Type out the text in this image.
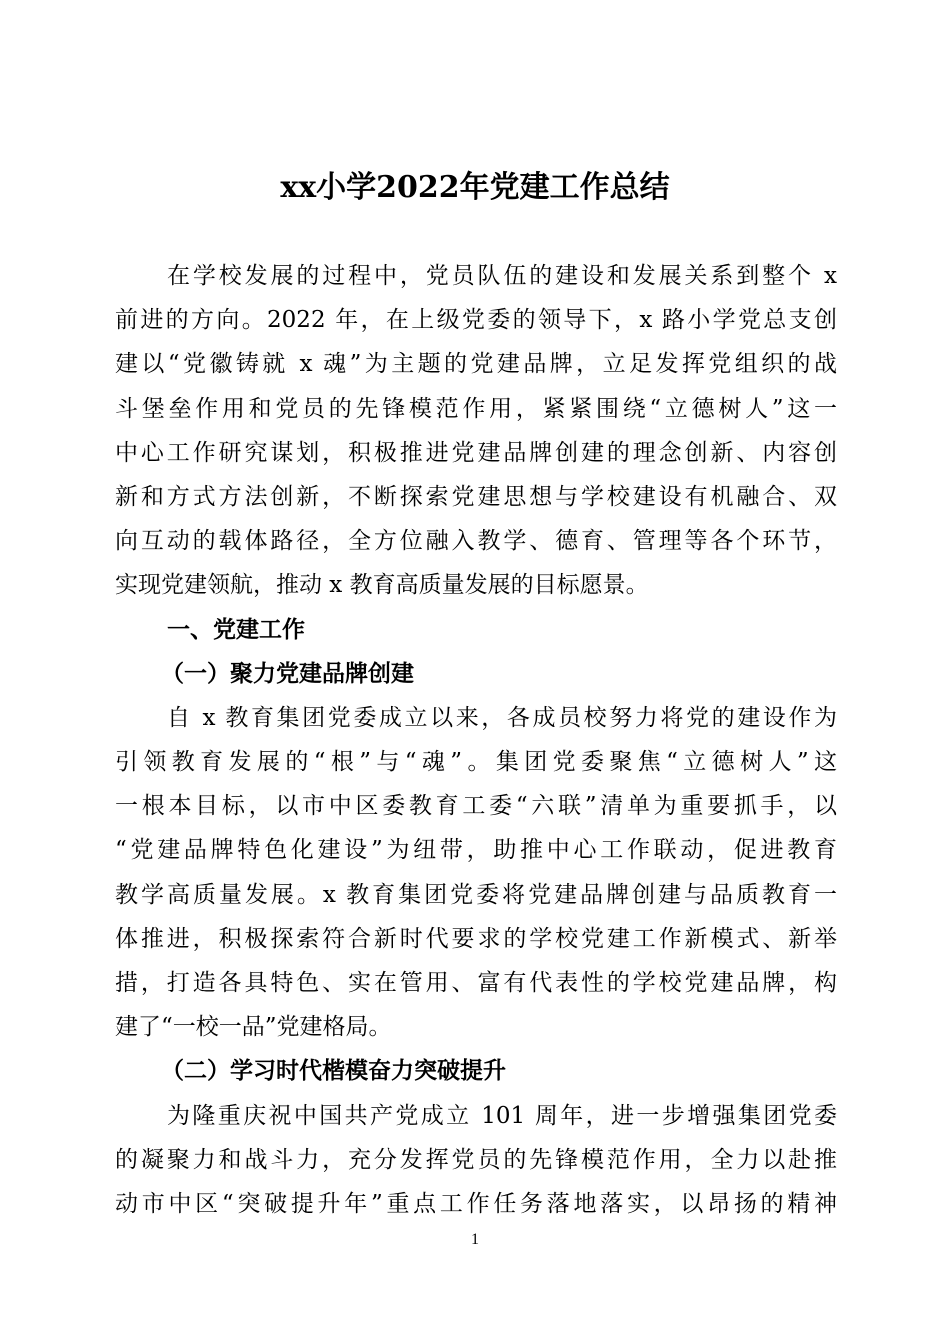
xx小学2022年党建工作总结
在学校发展的过程中，党员队伍的建设和发展关系到整个 x
前进的方向。2022 年，在上级党委的领导下，x 路小学党总支创
建以“党徽铸就 x 魂”为主题的党建品牌，立足发挥党组织的战
斗堡垒作用和党员的先锋模范作用，紧紧围绕“立德树人”这一
中心工作研究谋划，积极推进党建品牌创建的理念创新、内容创
新和方式方法创新，不断探索党建思想与学校建设有机融合、双
向互动的载体路径，全方位融入教学、德育、管理等各个环节，
实现党建领航，推动 x 教育高质量发展的目标愿景。
一、党建工作
（一）聚力党建品牌创建
自 x 教育集团党委成立以来，各成员校努力将党的建设作为
引领教育发展的“根”与“魂”。集团党委聚焦“立德树人”这
一根本目标，以市中区委教育工委“六联”清单为重要抓手，以
“党建品牌特色化建设”为纽带，助推中心工作联动，促进教育
教学高质量发展。x 教育集团党委将党建品牌创建与品质教育一
体推进，积极探索符合新时代要求的学校党建工作新模式、新举
措，打造各具特色、实在管用、富有代表性的学校党建品牌，构
建了“一校一品”党建格局。
（二）学习时代楷模奋力突破提升
为隆重庆祝中国共产党成立 101 周年，进一步增强集团党委
的凝聚力和战斗力，充分发挥党员的先锋模范作用，全力以赴推
动市中区“突破提升年”重点工作任务落地落实，以昂扬的精神
1
